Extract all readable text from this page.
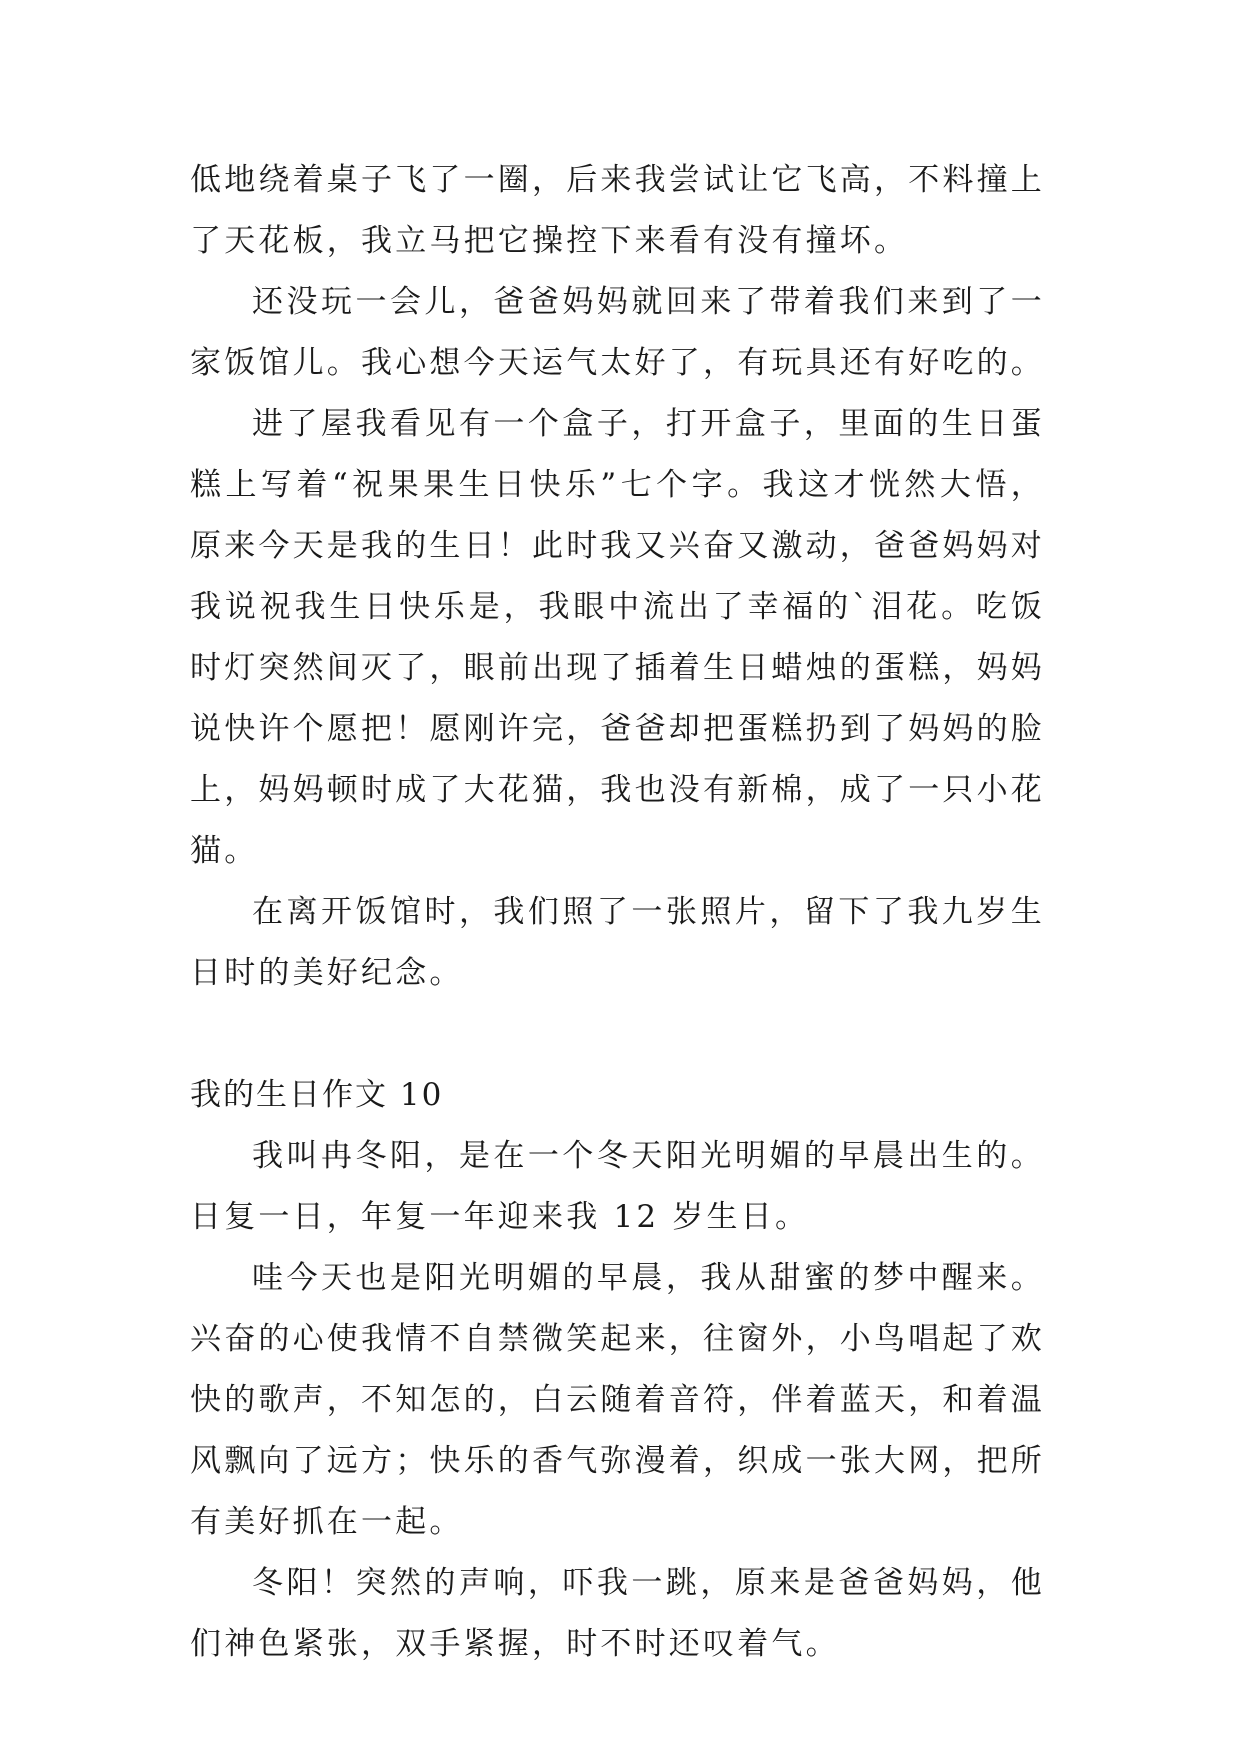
低地绕着桌子飞了一圈，后来我尝试让它飞高，不料撞上了天花板，我立马把它操控下来看有没有撞坏。

还没玩一会儿，爸爸妈妈就回来了带着我们来到了一家饭馆儿。我心想今天运气太好了，有玩具还有好吃的。

进了屋我看见有一个盒子，打开盒子，里面的生日蛋糕上写着“祝果果生日快乐”七个字。我这才恍然大悟，原来今天是我的生日！此时我又兴奋又激动，爸爸妈妈对我说祝我生日快乐是，我眼中流出了幸福的`泪花。吃饭时灯突然间灭了，眼前出现了插着生日蜡烛的蛋糕，妈妈说快许个愿把！愿刚许完，爸爸却把蛋糕扔到了妈妈的脸上，妈妈顿时成了大花猫，我也没有新棉，成了一只小花猫。

在离开饭馆时，我们照了一张照片，留下了我九岁生日时的美好纪念。

我的生日作文 10

我叫冉冬阳，是在一个冬天阳光明媚的早晨出生的。日复一日，年复一年迎来我 12 岁生日。

哇今天也是阳光明媚的早晨，我从甜蜜的梦中醒来。兴奋的心使我情不自禁微笑起来，往窗外，小鸟唱起了欢快的歌声，不知怎的，白云随着音符，伴着蓝天，和着温风飘向了远方；快乐的香气弥漫着，织成一张大网，把所有美好抓在一起。

冬阳！突然的声响，吓我一跳，原来是爸爸妈妈，他们神色紧张，双手紧握，时不时还叹着气。
